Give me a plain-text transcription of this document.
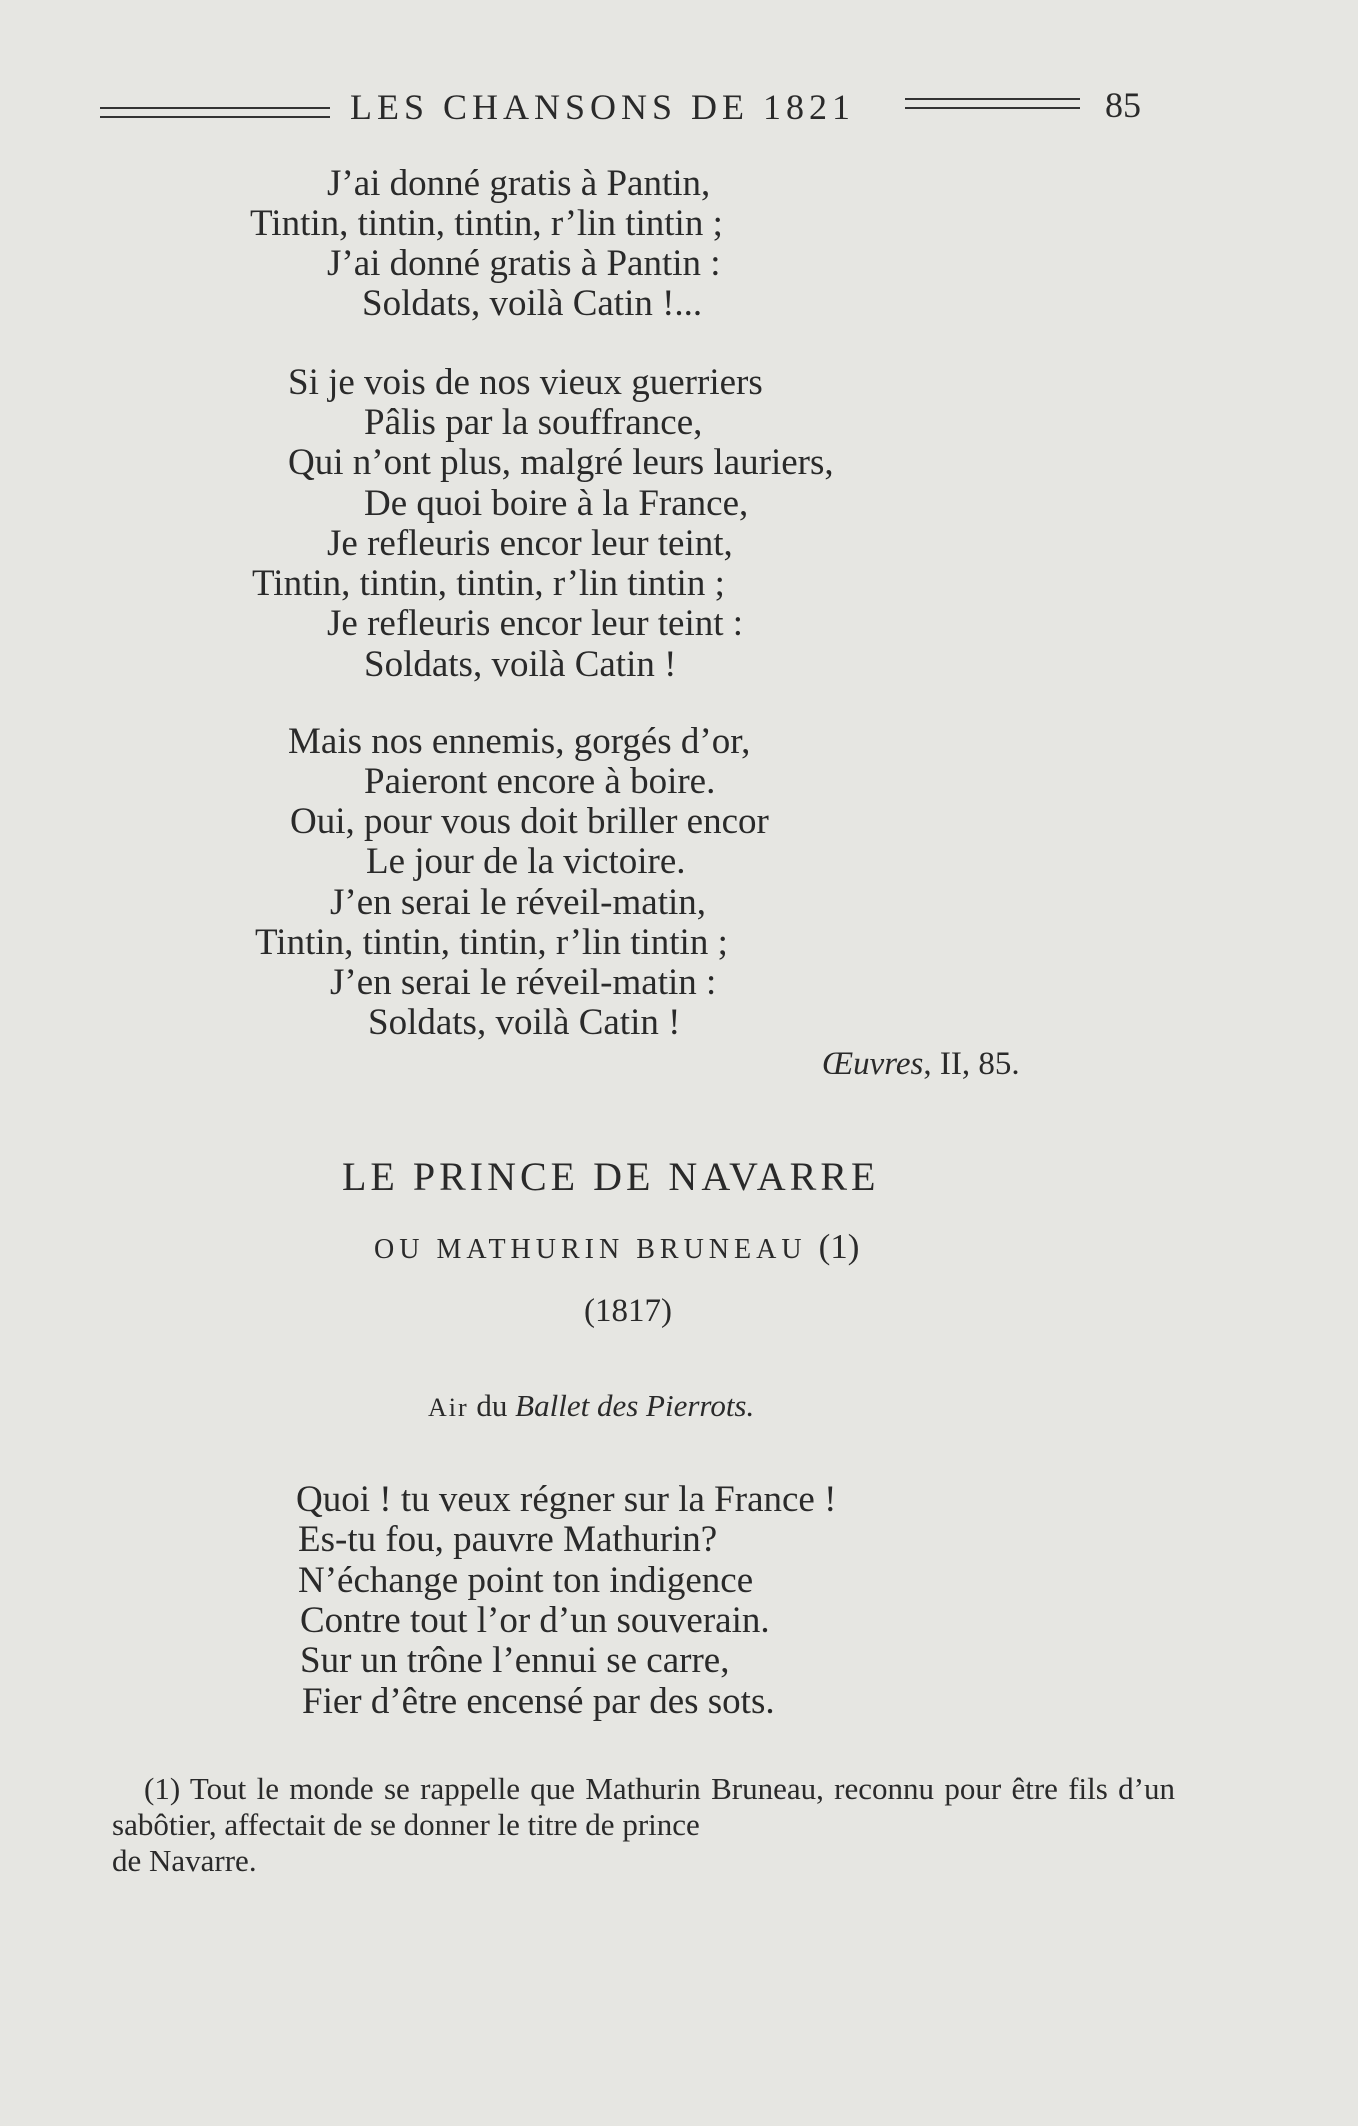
LES CHANSONS DE 1821	85
J’ai donné gratis à Pantin,
Tintin, tintin, tintin, r’lin tintin ;
J’ai donné gratis à Pantin :
Soldats, voilà Catin !...
Si je vois de nos vieux guerriers
Pâlis par la souffrance,
Qui n’ont plus, malgré leurs lauriers,
De quoi boire à la France,
Je refleuris encor leur teint,
Tintin, tintin, tintin, r’lin tintin ;
Je refleuris encor leur teint :
Soldats, voilà Catin !
Mais nos ennemis, gorgés d’or,
Paieront encore à boire.
Oui, pour vous doit briller encor
Le jour de la victoire.
J’en serai le réveil-matin,
Tintin, tintin, tintin, r’lin tintin ;
J’en serai le réveil-matin :
Soldats, voilà Catin !
Œuvres, II, 85.
LE PRINCE DE NAVARRE
OU MATHURIN BRUNEAU (1)
(1817)
Air du Ballet des Pierrots.
Quoi ! tu veux régner sur la France !
Es-tu fou, pauvre Mathurin?
N’échange point ton indigence
Contre tout l’or d’un souverain.
Sur un trône l’ennui se carre,
Fier d’être encensé par des sots.
(1) Tout le monde se rappelle que Mathurin Bruneau, reconnu pour être fils d’un sabôtier, affectait de se donner le titre de prince
de Navarre.
